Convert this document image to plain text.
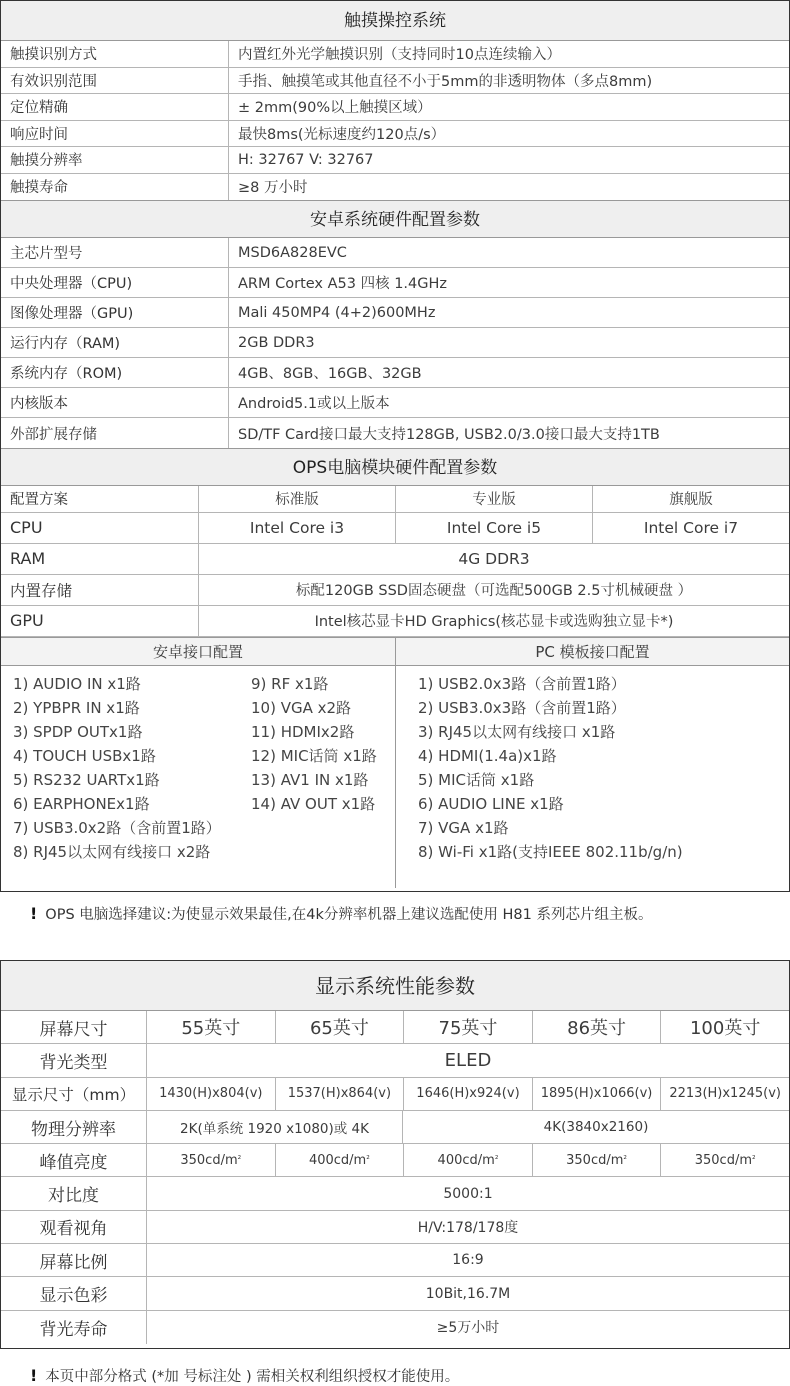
触摸操控系统
触摸识别方式	内置红外光学触摸识别（支持同时10点连续输入）
有效识别范围	手指、触摸笔或其他直径不小于5mm的非透明物体（多点8mm)
定位精确	± 2mm(90%以上触摸区域）
响应时间	最快8ms(光标速度约120点/s）
触摸分辨率	H: 32767 V: 32767
触摸寿命	≥8 万小时
安卓系统硬件配置参数
主芯片型号	MSD6A828EVC
中央处理器（CPU)	ARM Cortex A53 四核 1.4GHz
图像处理器（GPU)	Mali 450MP4 (4+2)600MHz
运行内存（RAM)	2GB DDR3
系统内存（ROM)	4GB、8GB、16GB、32GB
内核版本	Android5.1或以上版本
外部扩展存储	SD/TF Card接口最大支持128GB, USB2.0/3.0接口最大支持1TB
OPS电脑模块硬件配置参数
配置方案	标准版	专业版	旗舰版
CPU	Intel Core i3	Intel Core i5	Intel Core i7
RAM	4G DDR3
内置存储	标配120GB SSD固态硬盘（可选配500GB 2.5寸机械硬盘 ）
GPU	Intel核芯显卡HD Graphics(核芯显卡或选购独立显卡*)
安卓接口配置	PC 模板接口配置
1) AUDIO IN x1路
2) YPBPR IN x1路
3) SPDP OUTx1路
4) TOUCH USBx1路
5) RS232 UARTx1路
6) EARPHONEx1路
7) USB3.0x2路（含前置1路）
8) RJ45以太网有线接口 x2路
9) RF x1路
10) VGA x2路
11) HDMIx2路
12) MIC话筒 x1路
13) AV1 IN x1路
14) AV OUT x1路
1) USB2.0x3路（含前置1路）
2) USB3.0x3路（含前置1路）
3) RJ45以太网有线接口 x1路
4) HDMI(1.4a)x1路
5) MIC话筒 x1路
6) AUDIO LINE x1路
7) VGA x1路
8) Wi-Fi x1路(支持IEEE 802.11b/g/n)
! OPS 电脑选择建议:为使显示效果最佳,在4k分辨率机器上建议选配使用 H81 系列芯片组主板。
显示系统性能参数
屏幕尺寸	55英寸	65英寸	75英寸	86英寸	100英寸
背光类型	ELED
显示尺寸（mm）	1430(H)x804(v)	1537(H)x864(v)	1646(H)x924(v)	1895(H)x1066(v)	2213(H)x1245(v)
物理分辨率	2K(单系统 1920 x1080)或 4K	4K(3840x2160)
峰值亮度	350cd/m ²	400cd/m ²	400cd/m ²	350cd/m ²	350cd/m ²
对比度	5000:1
观看视角	H/V:178/178度
屏幕比例	16:9
显示色彩	10Bit,16.7M
背光寿命	≥5万小时
! 本页中部分格式 (*加 号标注处 ) 需相关权利组织授权才能使用。
